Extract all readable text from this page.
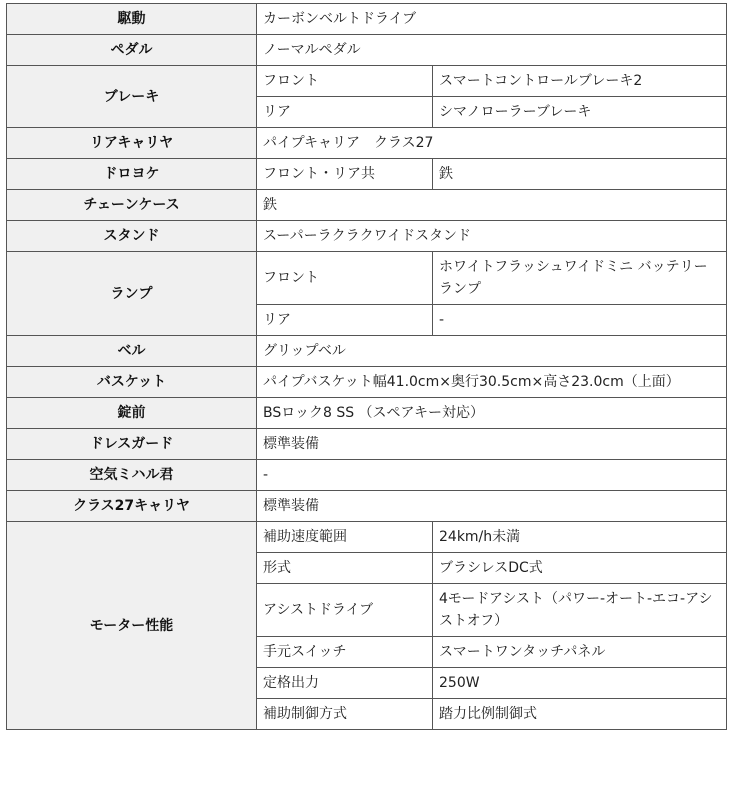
駆動	カーボンベルトドライブ	
ペダル	ノーマルペダル	
ブレーキ	フロント	スマートコントロールブレーキ2
	リア	シマノローラーブレーキ
リアキャリヤ	パイプキャリア　クラス27	
ドロヨケ	フロント・リア共	鉄
チェーンケース	鉄	
スタンド	スーパーラクラクワイドスタンド	
ランプ	フロント	ホワイトフラッシュワイドミニ バッテリーランプ
	リア	-
ベル	グリップベル	
バスケット	パイプバスケット幅41.0cm×奥行30.5cm×高さ23.0cm（上面）	
錠前	BSロック8 SS （スペアキー対応）	
ドレスガード	標準装備	
空気ミハル君	-	
クラス27キャリヤ	標準装備	
モーター性能	補助速度範囲	24km/h未満
	形式	ブラシレスDC式
	アシストドライブ	4モードアシスト（パワー-オート-エコ-アシストオフ）
	手元スイッチ	スマートワンタッチパネル
	定格出力	250W
	補助制御方式	踏力比例制御式
